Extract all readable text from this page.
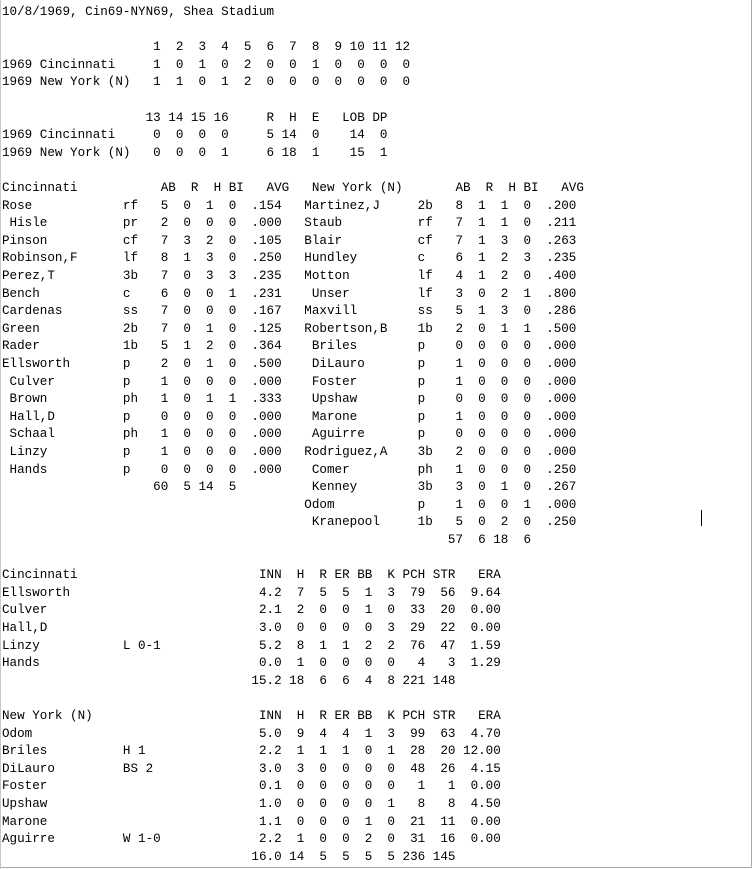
10/8/1969, Cin69-NYN69, Shea Stadium
1  2  3  4  5  6  7  8  9 10 11 12
1969 Cincinnati     1  0  1  0  2  0  0  1  0  0  0  0
1969 New York (N)   1  1  0  1  2  0  0  0  0  0  0  0
13 14 15 16     R  H  E   LOB DP
1969 Cincinnati     0  0  0  0     5 14  0    14  0
1969 New York (N)   0  0  0  1     6 18  1    15  1
Cincinnati           AB  R  H BI   AVG   New York (N)       AB  R  H BI   AVG
Rose            rf   5  0  1  0  .154   Martinez,J     2b   8  1  1  0  .200
Hisle          pr   2  0  0  0  .000   Staub          rf   7  1  1  0  .211
Pinson          cf   7  3  2  0  .105   Blair          cf   7  1  3  0  .263
Robinson,F      lf   8  1  3  0  .250   Hundley        c    6  1  2  3  .235
Perez,T         3b   7  0  3  3  .235   Motton         lf   4  1  2  0  .400
Bench           c    6  0  0  1  .231    Unser         lf   3  0  2  1  .800
Cardenas        ss   7  0  0  0  .167   Maxvill        ss   5  1  3  0  .286
Green           2b   7  0  1  0  .125   Robertson,B    1b   2  0  1  1  .500
Rader           1b   5  1  2  0  .364    Briles        p    0  0  0  0  .000
Ellsworth       p    2  0  1  0  .500    DiLauro       p    1  0  0  0  .000
Culver         p    1  0  0  0  .000    Foster        p    1  0  0  0  .000
Brown          ph   1  0  1  1  .333    Upshaw        p    0  0  0  0  .000
Hall,D         p    0  0  0  0  .000    Marone        p    1  0  0  0  .000
Schaal         ph   1  0  0  0  .000    Aguirre       p    0  0  0  0  .000
Linzy          p    1  0  0  0  .000   Rodriguez,A    3b   2  0  0  0  .000
Hands          p    0  0  0  0  .000    Comer         ph   1  0  0  0  .250
60  5 14  5          Kenney        3b   3  0  1  0  .267
Odom           p    1  0  0  1  .000
Kranepool     1b   5  0  2  0  .250
57  6 18  6
Cincinnati                        INN  H  R ER BB  K PCH STR   ERA
Ellsworth                         4.2  7  5  5  1  3  79  56  9.64
Culver                            2.1  2  0  0  1  0  33  20  0.00
Hall,D                            3.0  0  0  0  0  3  29  22  0.00
Linzy           L 0-1             5.2  8  1  1  2  2  76  47  1.59
Hands                             0.0  1  0  0  0  0   4   3  1.29
15.2 18  6  6  4  8 221 148
New York (N)                      INN  H  R ER BB  K PCH STR   ERA
Odom                              5.0  9  4  4  1  3  99  63  4.70
Briles          H 1               2.2  1  1  1  0  1  28  20 12.00
DiLauro         BS 2              3.0  3  0  0  0  0  48  26  4.15
Foster                            0.1  0  0  0  0  0   1   1  0.00
Upshaw                            1.0  0  0  0  0  1   8   8  4.50
Marone                            1.1  0  0  0  1  0  21  11  0.00
Aguirre         W 1-0             2.2  1  0  0  2  0  31  16  0.00
16.0 14  5  5  5  5 236 145
